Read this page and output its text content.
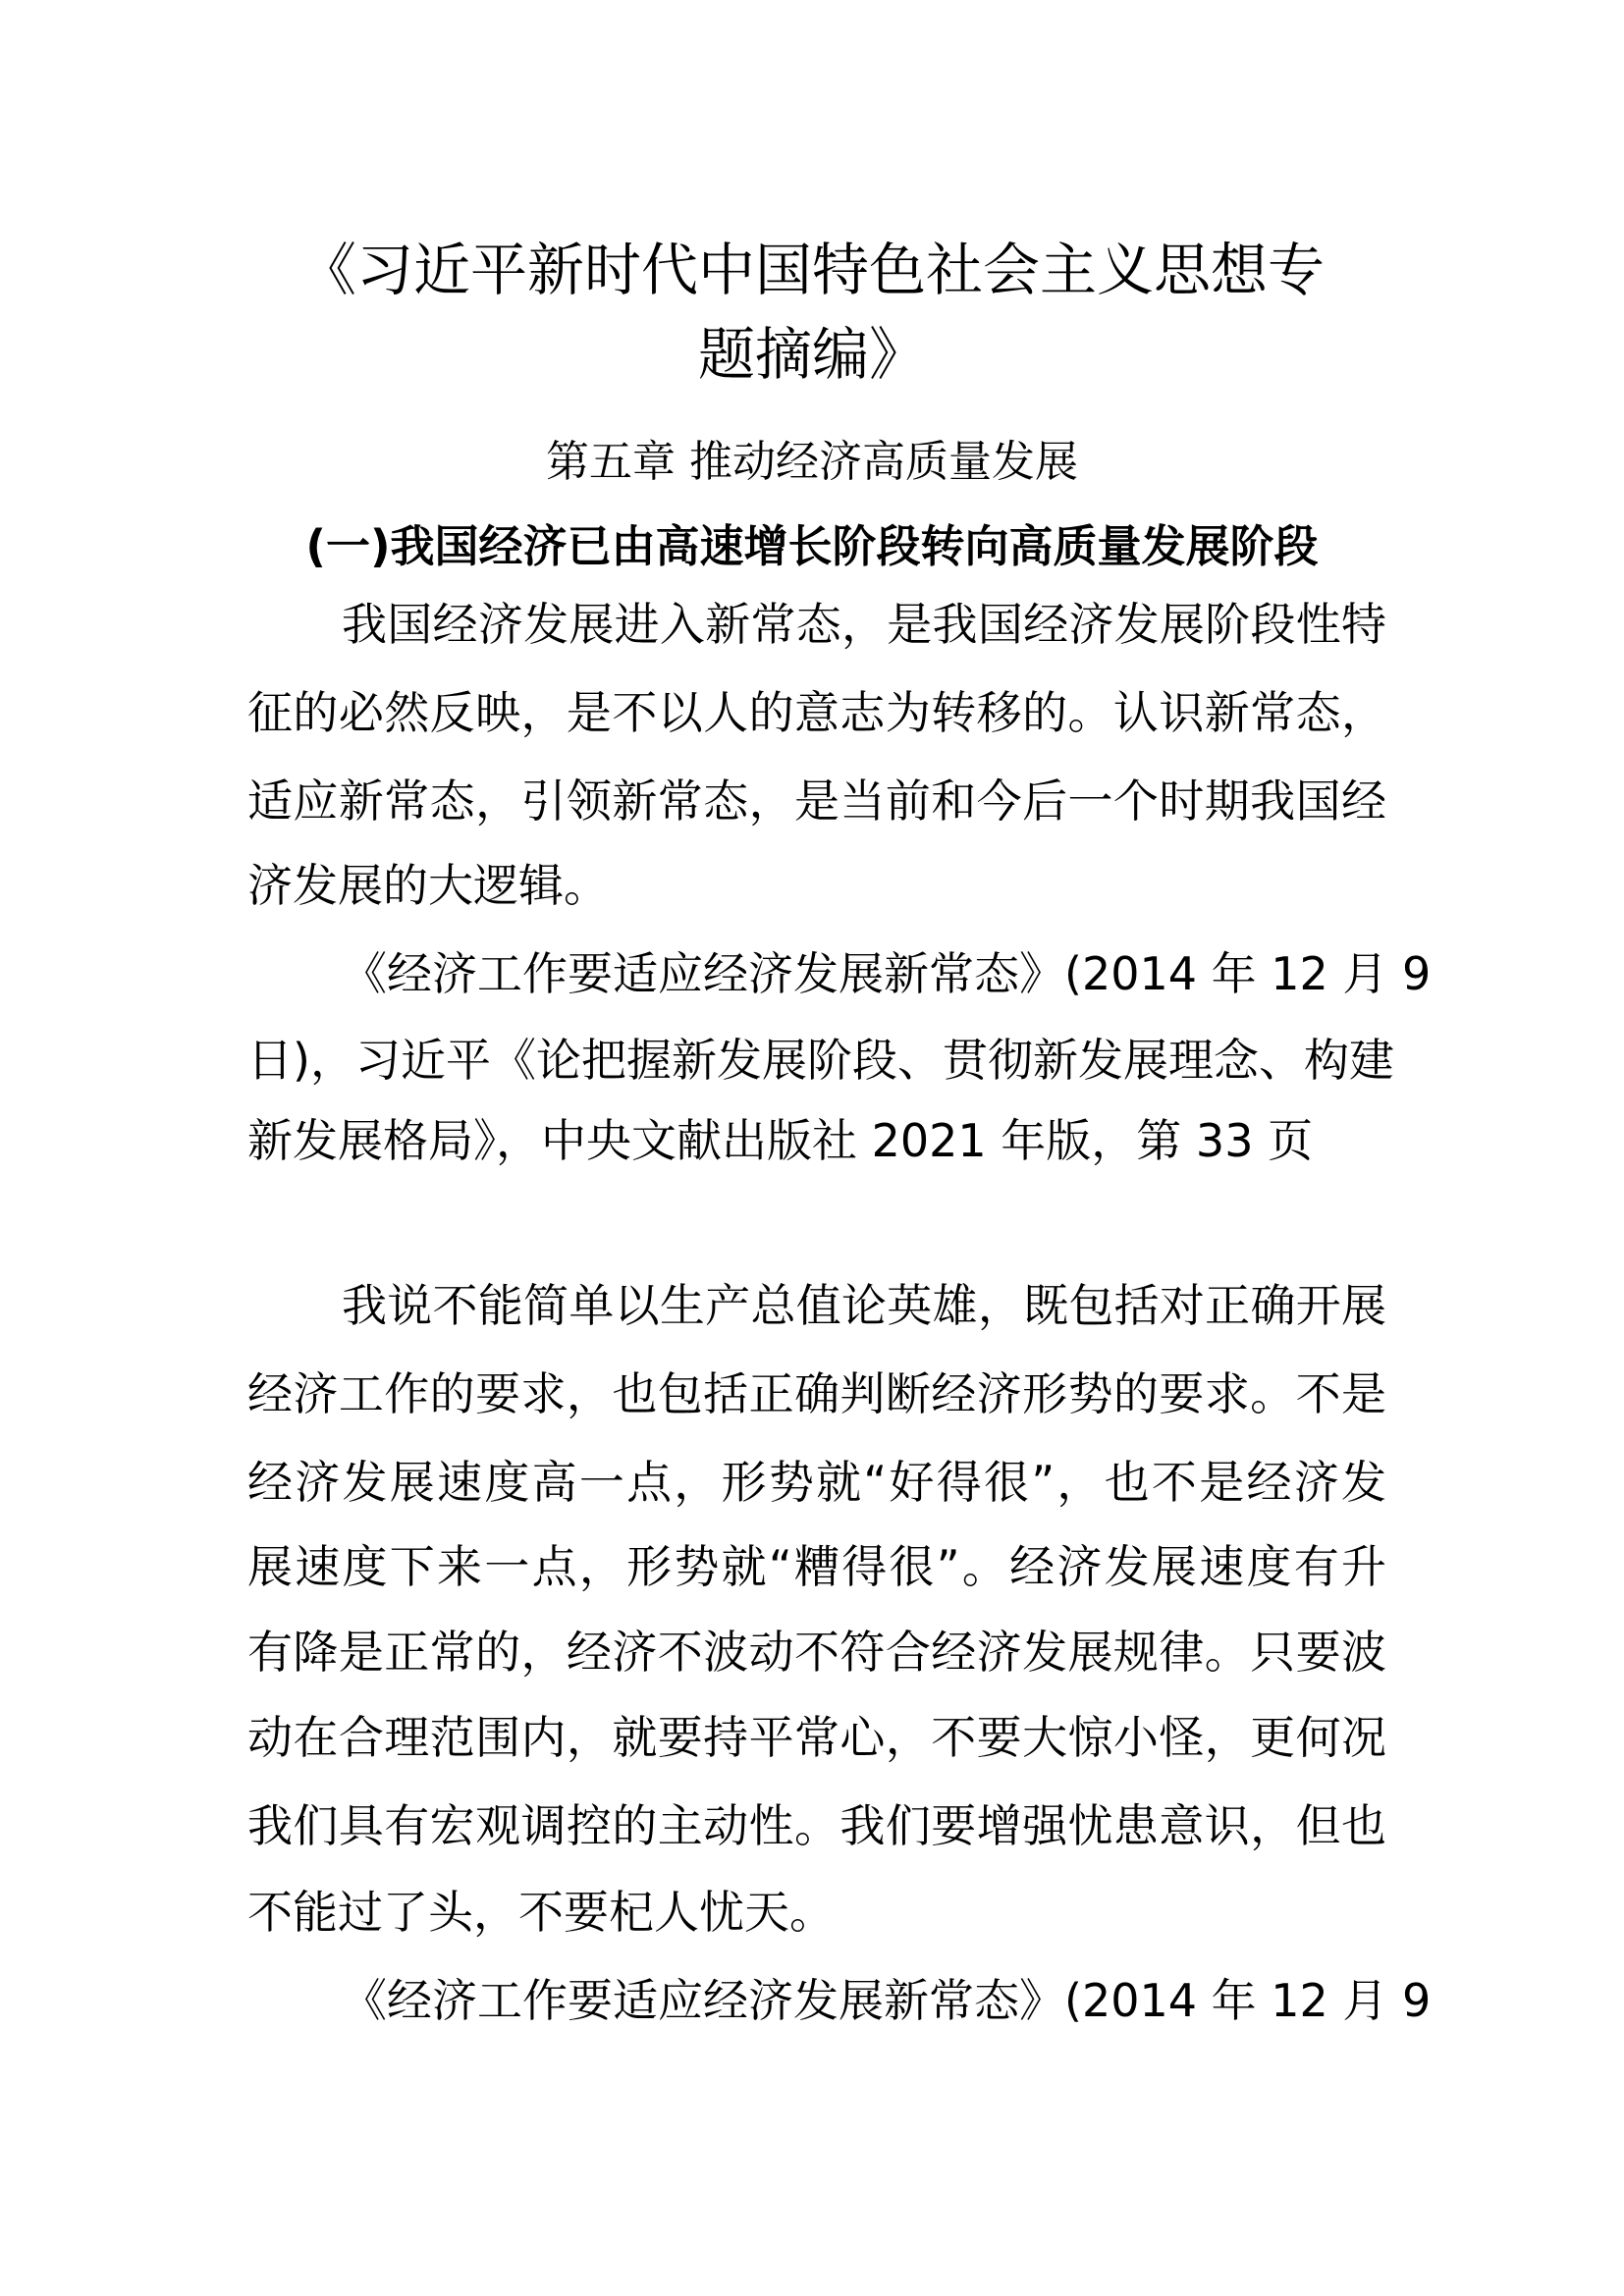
《习近平新时代中国特色社会主义思想专
题摘编》
第五章 推动经济高质量发展
(一)我国经济已由高速增长阶段转向高质量发展阶段
我国经济发展进入新常态，是我国经济发展阶段性特
征的必然反映，是不以人的意志为转移的。认识新常态，
适应新常态，引领新常态，是当前和今后一个时期我国经
济发展的大逻辑。
《经济工作要适应经济发展新常态》(2014 年 12 月 9
日)，习近平《论把握新发展阶段、贯彻新发展理念、构建
新发展格局》，中央文献出版社 2021 年版，第 33 页
我说不能简单以生产总值论英雄，既包括对正确开展
经济工作的要求，也包括正确判断经济形势的要求。不是
经济发展速度高一点，形势就“好得很”，也不是经济发
展速度下来一点，形势就“糟得很”。经济发展速度有升
有降是正常的，经济不波动不符合经济发展规律。只要波
动在合理范围内，就要持平常心，不要大惊小怪，更何况
我们具有宏观调控的主动性。我们要增强忧患意识，但也
不能过了头，不要杞人忧天。
《经济工作要适应经济发展新常态》(2014 年 12 月 9
